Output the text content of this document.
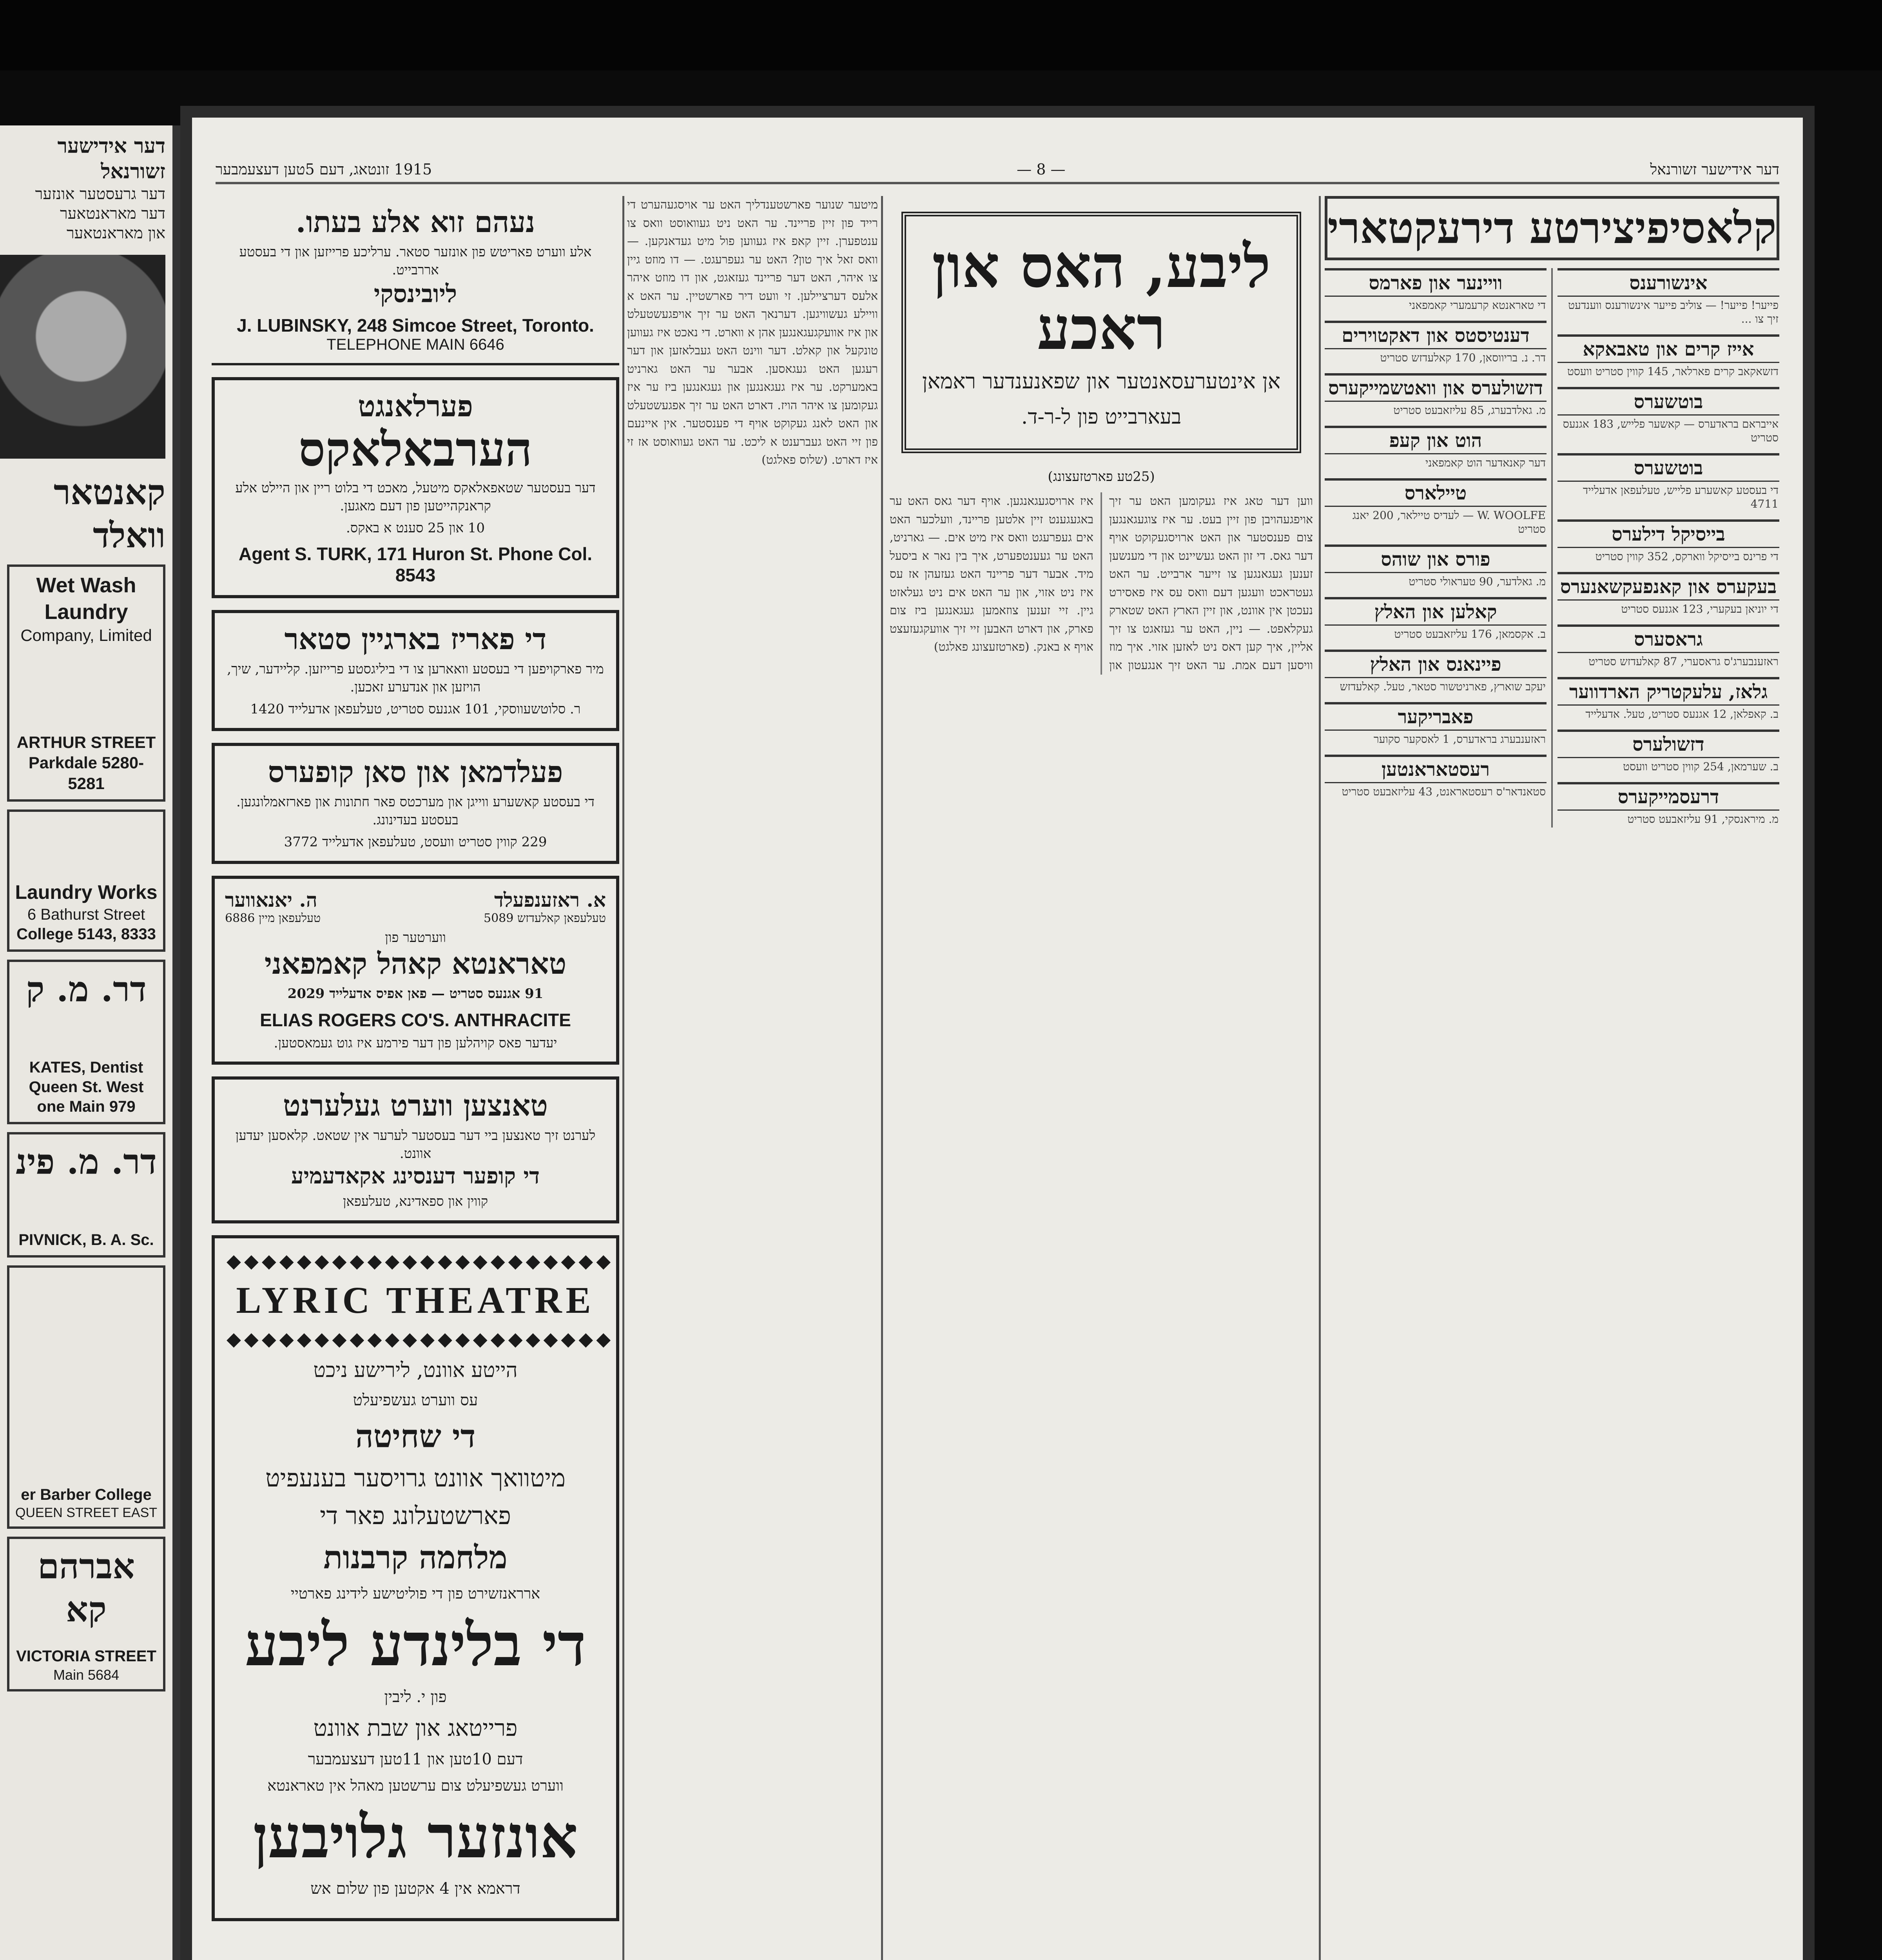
דער אידישער זשורנאל
דער גרעסטער אונזער
דער מאראנטאער
און מאראנטאער
קאנטאר וואלד
Wet Wash Laundry
Company, Limited
ARTHUR STREET
Parkdale 5280-5281
Laundry Works
6 Bathurst Street
College 5143, 8333
דר. מ. ק
KATES, Dentist
Queen St. West
one Main 979
דר. מ. פינ
PIVNICK, B. A. Sc.
er Barber College
QUEEN STREET EAST
אברהם קא
VICTORIA STREET
Main 5684
דער אידישער זשורנאל
— 8 —
1915 זונטאג, דעם 5טען דעצעמבער
קלאסיפיצירטע דירעקטארי
אינשורענס
פייער! פייער! — צוליב פייער אינשורענס ווענדעט זיך צו ...
אייז קרים און טאבאקא
דזשאקאב קרים פארלאר, 145 קווין סטריט וועסט
בוטשערס
אייבראם בראדערס — קאשער פלייש, 183 אגנעס סטריט
בוטשערס
די בעסטע קאשערע פלייש, טעלעפאן אדעלייד 4711
בייסיקל דילערס
די פרינס בייסיקל ווארקס, 352 קווין סטריט
בעקערס און קאנפעקשאנערס
די יוניאן בעקערי, 123 אגנעס סטריט
גראסערס
ראזענבערג'ס גראסערי, 87 קאלעדזש סטריט
גלאז, עלעקטריק הארדווער
ב. קאפלאן, 12 אגנעס סטריט, טעל. אדעלייד
דזשולערס
ב. שערמאן, 254 קווין סטריט וועסט
דרעסמייקערס
מ. מיראנסקי, 91 עליזאבעט סטריט
וויינער און פארמס
די טאראנטא קרעמערי קאמפאני
דענטיסטס און דאקטוירים
דר. נ. בריווסאן, 170 קאלעדזש סטריט
דזשולערס און וואטשמייקערס
מ. גאלדבערג, 85 עליזאבעט סטריט
הוט און קעפ
דער קאנאדער הוט קאמפאני
טיילארס
W. WOOLFE — לעדיס טיילאר, 200 יאנג סטריט
פורס און שוהס
מ. גאלדער, 90 טעראולי סטריט
קאלען און האלץ
ב. אקסמאן, 176 עליזאבעט סטריט
פיינאנס און האלץ
יעקב שוארץ, פארניטשור סטאר, טעל. קאלעדזש
פאבריקער
ראזענבערג בראדערס, 1 לאסקער סקוער
רעסטאראנטען
סטאנדאר'ס רעסטאראנט, 43 עליזאבעט סטריט
ליבע, האס און ראכע
אן אינטערעסאנטער און שפאנענדער ראמאן
בעארבייט פון ל-ר-ד.
(25טע פארטזעצונג)
ווען דער טאג איז געקומען האט ער זיך אויפגעהויבן פון זיין בעט. ער איז צוגעגאנגען צום פענסטער און האט ארויסגעקוקט אויף דער גאס. די זון האט געשיינט און די מענשען זענען געגאנגען צו זייער ארבייט. ער האט געטראכט וועגען דעם וואס עס איז פאסירט נעכטן אין אוונט, און זיין הארץ האט שטארק געקלאפט. — ניין, האט ער געזאגט צו זיך אליין, איך קען דאס ניט לאזען אזוי. איך מוז וויסען דעם אמת. ער האט זיך אנגעטון און איז ארויסגעגאנגען. אויף דער גאס האט ער באגעגענט זיין אלטען פריינד, וועלכער האט אים געפרעגט וואס איז מיט אים. — גארניט, האט ער געענטפערט, איך בין נאר א ביסעל מיד. אבער דער פריינד האט געזעהן אז עס איז ניט אזוי, און ער האט אים ניט געלאזט גיין. זיי זענען צוזאמען געגאנגען ביז צום פארק, און דארט האבען זיי זיך אוועקגעזעצט אויף א באנק. (פארטזעצונג פאלגט)
מיטער שנוער פארשטענדליך האט ער אויסגעהערט די רייד פון זיין פריינד. ער האט ניט געוואוסט וואס צו ענטפערן. זיין קאפ איז געווען פול מיט געדאנקען. — וואס זאל איך טון? האט ער געפרעגט. — דו מוזט גיין צו איהר, האט דער פריינד געזאגט, און דו מוזט איהר אלעס דערציילען. זי וועט דיר פארשטיין. ער האט א וויילע געשוויגען. דערנאך האט ער זיך אויפגעשטעלט און איז אוועקגעגאנגען אהן א ווארט. די נאכט איז געווען טונקעל און קאלט. דער ווינט האט געבלאזען און דער רעגען האט געגאסען. אבער ער האט גארניט באמערקט. ער איז געגאנגען און געגאנגען ביז ער איז געקומען צו איהר הויז. דארט האט ער זיך אפגעשטעלט און האט לאנג געקוקט אויף די פענסטער. אין איינעם פון זיי האט געברענט א ליכט. ער האט געוואוסט אז זי איז דארט. (שלוס פאלגט)
נעהם זוא אלע בעתו.
אלע ווערט פאריטש פון אונזער סטאר. ערליכע פרייזען און די בעסטע אררבייט.
ליובינסקי
J. LUBINSKY, 248 Simcoe Street, Toronto.
TELEPHONE MAIN 6646
פערלאנגט
הערבאלאקס
דער בעסטער שטאפאלאקס מיטעל, מאכט די בלוט ריין און היילט אלע קראנקהייטען פון דעם מאגען.
10 און 25 סענט א באקס.
Agent S. TURK, 171 Huron St. Phone Col. 8543
די פאריז בארגיין סטאר
מיר פארקויפען די בעסטע וואארען צו די ביליגסטע פרייזען. קליידער, שיך, הויזען און אנדערע זאכען.
ר. סלוטשעווסקי, 101 אגנעס סטריט, טעלעפאן אדעלייד 1420
פעלדמאן און סאן קופערס
די בעסטע קאשערע ווייגן און מערכטס פאר חתונות און פארזאמלונגען. בעסטע בעדינונג.
229 קווין סטריט וועסט, טעלעפאן אדעלייד 3772
א. ראזענפעלד
ה. יאנאווער
טעלעפאן קאלעדזש 5089
טעלעפאן מיין 6886
ווערטער פון
טאראנטא קאהל קאמפאני
91 אגנעס סטריט — פאן אפיס אדעלייד 2029
ELIAS ROGERS CO'S. ANTHRACITE
יעדער פאס קויהלען פון דער פירמע איז גוט געמאסטען.
טאנצען ווערט געלערנט
לערנט זיך טאנצען ביי דער בעסטער לערער אין שטאט. קלאסען יעדען אוונט.
די קופער דענסינג אקאדעמיע
קווין און ספאדינא, טעלעפאן
◆◆◆◆◆◆◆◆◆◆◆◆◆◆◆◆◆◆◆◆◆◆
LYRIC THEATRE
◆◆◆◆◆◆◆◆◆◆◆◆◆◆◆◆◆◆◆◆◆◆
הייטע אוונט, לירישע ניכט
עס ווערט געשפיעלט
די שחיטה
מיטוואך אוונט גרויסער בענעפיט
פארשטעלונג פאר די
מלחמה קרבנות
ארראנזשירט פון די פוליטישע לידינג פארטיי
די בלינדע ליבע
פון י. ליבין
פרייטאג און שבת אוונט
דעם 10טען און 11טען דעצעמבער
ווערט געשפיעלט צום ערשטען מאהל אין טאראנטא
אונזער גלויבען
דראמא אין 4 אקטען פון שלום אש
